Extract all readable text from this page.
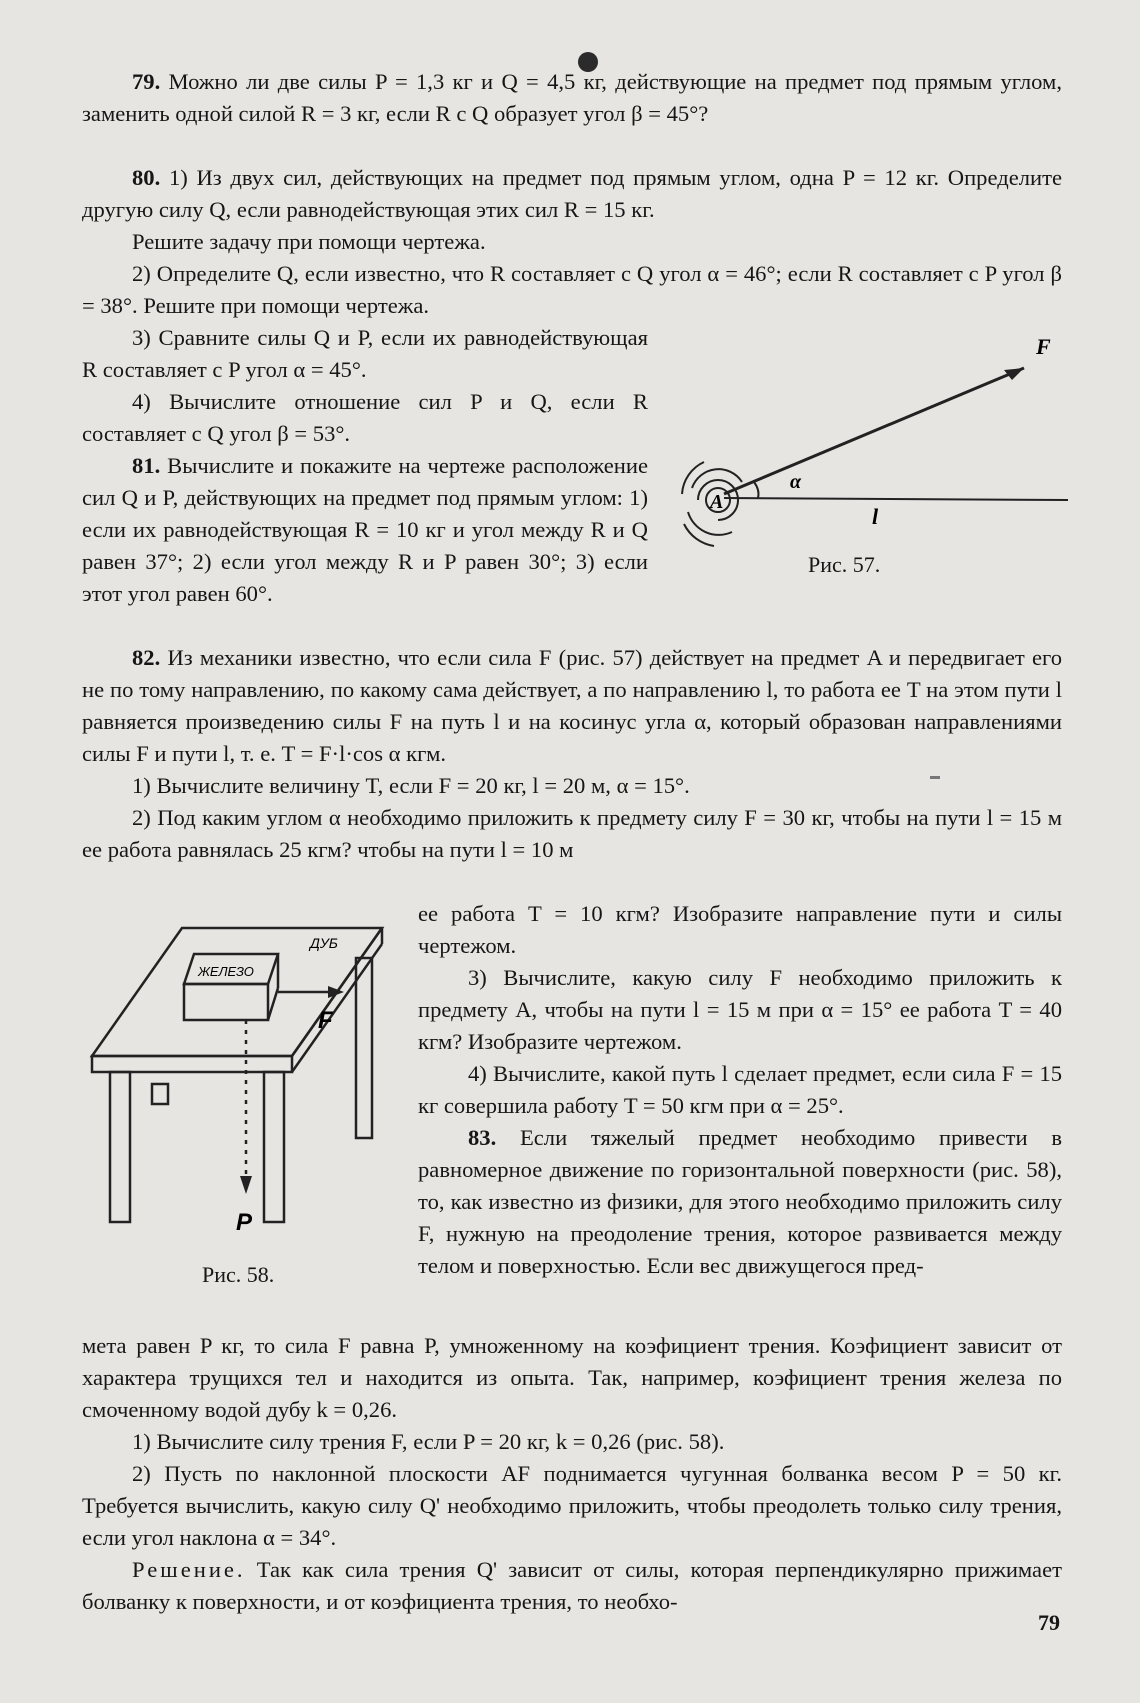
79. Можно ли две силы P = 1,3 кг и Q = 4,5 кг, действующие на предмет под прямым углом, заменить одной силой R = 3 кг, если R с Q образует угол β = 45°?

80. 1) Из двух сил, действующих на предмет под прямым углом, одна P = 12 кг. Определите другую силу Q, если равнодействующая этих сил R = 15 кг.

Решите задачу при помощи чертежа.

2) Определите Q, если известно, что R составляет с Q угол α = 46°; если R составляет с P угол β = 38°. Решите при помощи чертежа.

3) Сравните силы Q и P, если их равнодействующая R составляет с P угол α = 45°.

4) Вычислите отношение сил P и Q, если R составляет с Q угол β = 53°.

81. Вычислите и покажите на чертеже расположение сил Q и P, действующих на предмет под прямым углом: 1) если их равнодействующая R = 10 кг и угол между R и Q равен 37°; 2) если угол между R и P равен 30°; 3) если этот угол равен 60°.

F
A
α
l
Рис. 57.

82. Из механики известно, что если сила F (рис. 57) действует на предмет A и передвигает его не по тому направлению, по какому сама действует, а по направлению l, то работа ее T на этом пути l равняется произведению силы F на путь l и на косинус угла α, который образован направлениями силы F и пути l, т. е. T = F·l·cos α кгм.

1) Вычислите величину T, если F = 20 кг, l = 20 м, α = 15°.

2) Под каким углом α необходимо приложить к предмету силу F = 30 кг, чтобы на пути l = 15 м ее работа равнялась 25 кгм? чтобы на пути l = 10 м

ее работа T = 10 кгм? Изобразите направление пути и силы чертежом.

3) Вычислите, какую силу F необходимо приложить к предмету A, чтобы на пути l = 15 м при α = 15° ее работа T = 40 кгм? Изобразите чертежом.

4) Вычислите, какой путь l сделает предмет, если сила F = 15 кг совершила работу T = 50 кгм при α = 25°.

83. Если тяжелый предмет необходимо привести в равномерное движение по горизонтальной поверхности (рис. 58), то, как известно из физики, для этого необходимо приложить силу F, нужную на преодоление трения, которое развивается между телом и поверхностью. Если вес движущегося пред-

ДУБ
ЖЕЛЕЗО
F
P
Рис. 58.

мета равен P кг, то сила F равна P, умноженному на коэфициент трения. Коэфициент зависит от характера трущихся тел и находится из опыта. Так, например, коэфициент трения железа по смоченному водой дубу k = 0,26.

1) Вычислите силу трения F, если P = 20 кг, k = 0,26 (рис. 58).

2) Пусть по наклонной плоскости AF поднимается чугунная болванка весом P = 50 кг. Требуется вычислить, какую силу Q' необходимо приложить, чтобы преодолеть только силу трения, если угол наклона α = 34°.

Решение. Так как сила трения Q' зависит от силы, которая перпендикулярно прижимает болванку к поверхности, и от коэфициента трения, то необхо-

79
